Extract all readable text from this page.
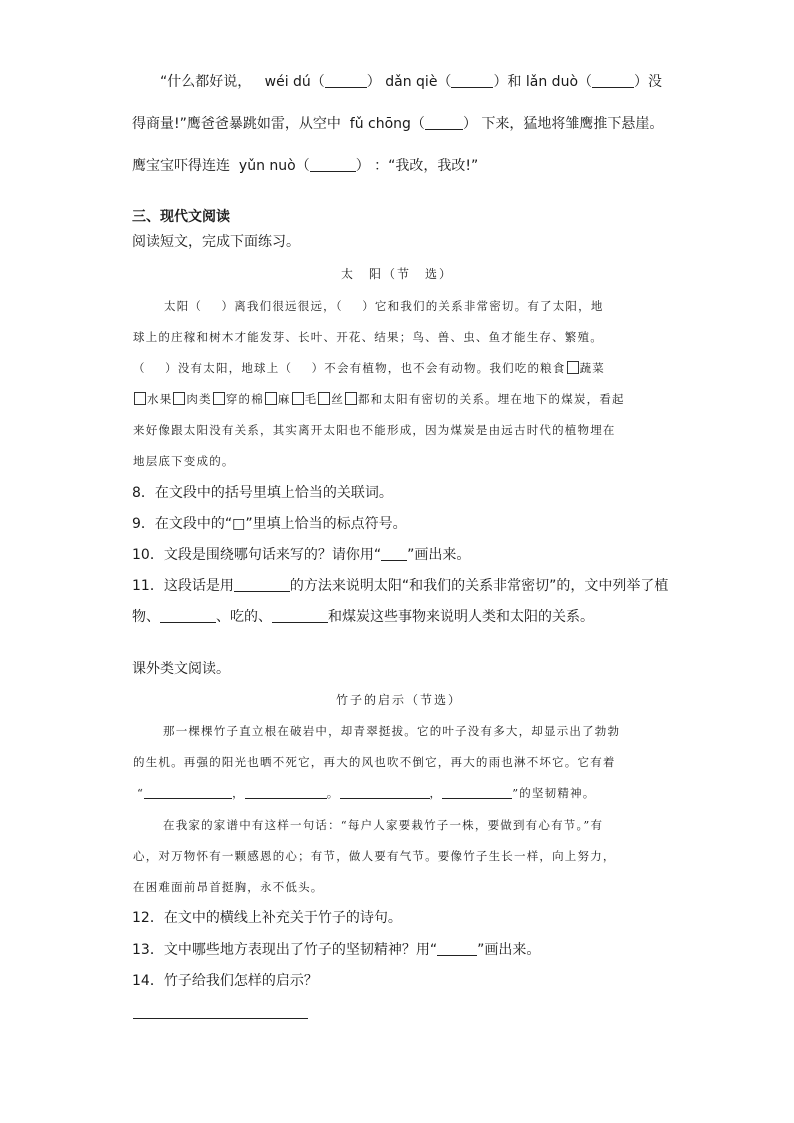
“什么都好说， wéi dú（	） dǎn qiè（	）和 lǎn duò（	）没
得商量!”鹰爸爸暴跳如雷，从空中 fǔ chōng（	） 下来，猛地将雏鹰推下悬崖。
鹰宝宝吓得连连 yǔn nuò（	） ：“我改，我改!”
三、现代文阅读
阅读短文，完成下面练习。
太　阳（节　选）
太阳（ ）离我们很远很远，（ ）它和我们的关系非常密切。有了太阳，地
球上的庄稼和树木才能发芽、长叶、开花、结果；鸟、兽、虫、鱼才能生存、繁殖。
（ ）没有太阳，地球上（ ）不会有植物，也不会有动物。我们吃的粮食 蔬菜
水果 肉类 穿的棉 麻 毛 丝 都和太阳有密切的关系。埋在地下的煤炭，看起
来好像跟太阳没有关系，其实离开太阳也不能形成，因为煤炭是由远古时代的植物埋在
地层底下变成的。
8．在文段中的括号里填上恰当的关联词。
9．在文段中的“□”里填上恰当的标点符号。
10．文段是围绕哪句话来写的？请你用“ ”画出来。
11．这段话是用	的方法来说明太阳“和我们的关系非常密切”的，文中列举了植
物、	、吃的、	和煤炭这些事物来说明人类和太阳的关系。
课外类文阅读。
竹子的启示（节选）
那一棵棵竹子直立根在破岩中，却青翠挺拔。它的叶子没有多大，却显示出了勃勃
的生机。再强的阳光也晒不死它，再大的风也吹不倒它，再大的雨也淋不坏它。它有着
“	，	。	，	”的坚韧精神。
在我家的家谱中有这样一句话：“每户人家要栽竹子一株，要做到有心有节。”有
心，对万物怀有一颗感恩的心；有节，做人要有气节。要像竹子生长一样，向上努力，
在困难面前昂首挺胸，永不低头。
12．在文中的横线上补充关于竹子的诗句。
13．文中哪些地方表现出了竹子的坚韧精神？用“	”画出来。
14．竹子给我们怎样的启示？
